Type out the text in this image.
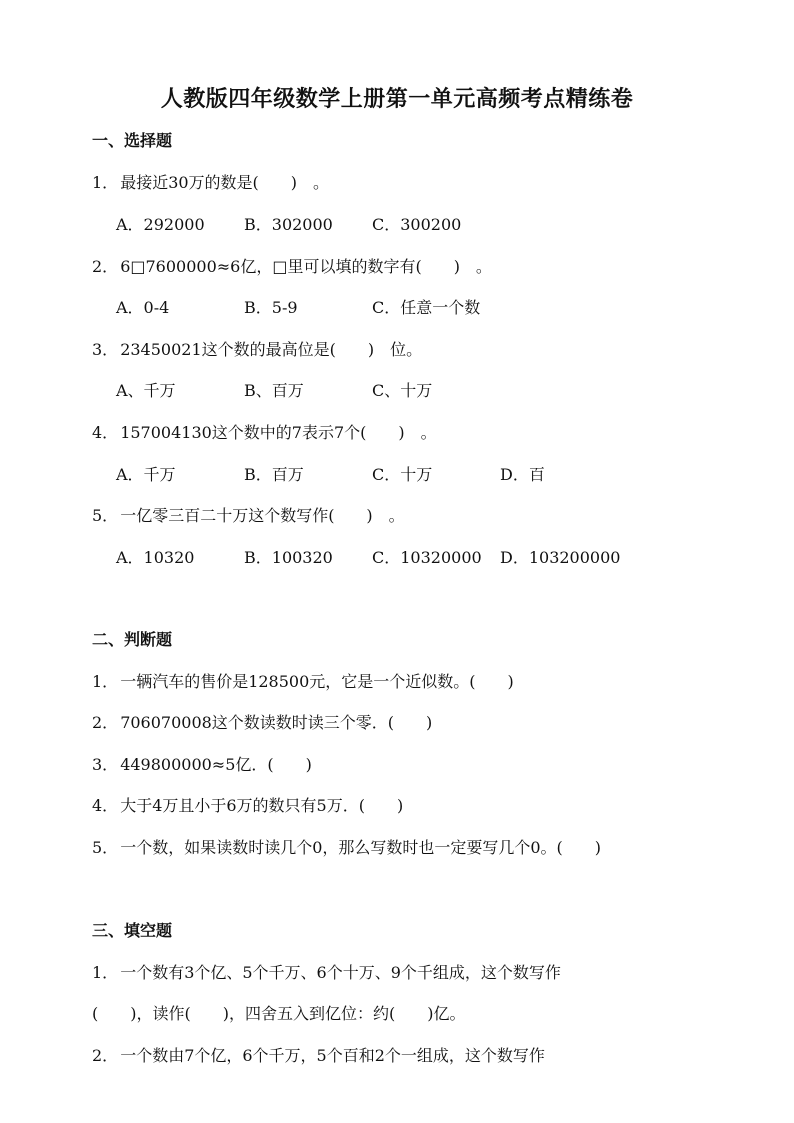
人教版四年级数学上册第一单元高频考点精练卷
一、选择题
1． 最接近30万的数是(　　)　。
A．292000 B．302000 C．300200
2． 6□7600000≈6亿，□里可以填的数字有(　　)　。
A．0-4	B．5-9	C．任意一个数
3． 23450021这个数的最高位是(　　)　位。
A、千万	B、百万	C、十万
4． 157004130这个数中的7表示7个(　　)　。
A．千万	B．百万	C．十万	D．百
5． 一亿零三百二十万这个数写作(　　)　。
A．10320	B．100320 C．10320000 D．103200000
二、判断题
1． 一辆汽车的售价是128500元，它是一个近似数。(　　)
2． 706070008这个数读数时读三个零．(　　)
3． 449800000≈5亿．(　　)
4． 大于4万且小于6万的数只有5万．(　　)
5． 一个数，如果读数时读几个0，那么写数时也一定要写几个0。(　　)
三、填空题
1． 一个数有3个亿、5个千万、6个十万、9个千组成，这个数写作
(　　)，读作(　　)，四舍五入到亿位：约(　　)亿。
2． 一个数由7个亿，6个千万，5个百和2个一组成，这个数写作
